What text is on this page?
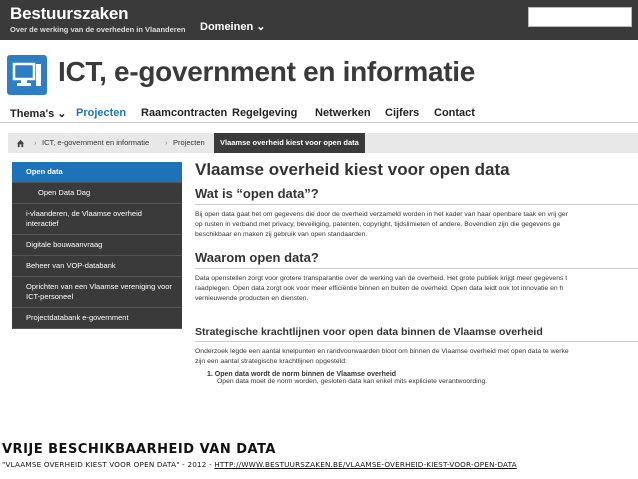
Bestuurszaken
Over de werking van de overheden in Vlaanderen Domeinen ⌄
ICT, e-government en informatie
Thema's ⌄ Projecten Raamcontracten Regelgeving Netwerken Cijfers Contact
› ICT, e-government en informatie › Projecten	Vlaamse overheid kiest voor open data
Open data
Open Data Dag
i-vlaanderen, de Vlaamse overheid interactief
Digitale bouwaanvraag
Beheer van VOP-databank
Oprichten van een Vlaamse vereniging voor ICT-personeel
Projectdatabank e-government
Vlaamse overheid kiest voor open data
Wat is “open data”?
Bij open data gaat het om gegevens die door de overheid verzameld worden in het kader van haar openbare taak en vrij ger
op rusten in verband met privacy, beveiliging, patenten, copyright, tijdslimieten of andere. Bovendien zijn die gegevens ge
beschikbaar en maken zij gebruik van open standaarden.
Waarom open data?
Data openstellen zorgt voor grotere transparantie over de werking van de overheid. Het grote publiek krijgt meer gegevens t
raadplegen. Open data zorgt ook voor meer efficiëntie binnen en buiten de overheid. Open data leidt ook tot innovatie en h
vernieuwende producten en diensten.
Strategische krachtlijnen voor open data binnen de Vlaamse overheid
Onderzoek legde een aantal knelpunten en randvoorwaarden bloot om binnen de Vlaamse overheid met open data te werke
zijn een aantal strategische krachtlijnen opgesteld:
1. Open data wordt de norm binnen de Vlaamse overheid
Open data moet de norm worden, gesloten data kan enkel mits expliciete verantwoording.
VRIJE BESCHIKBAARHEID VAN DATA
"VLAAMSE OVERHEID KIEST VOOR OPEN DATA" - 2012 - HTTP://WWW.BESTUURSZAKEN.BE/VLAAMSE-OVERHEID-KIEST-VOOR-OPEN-DATA
